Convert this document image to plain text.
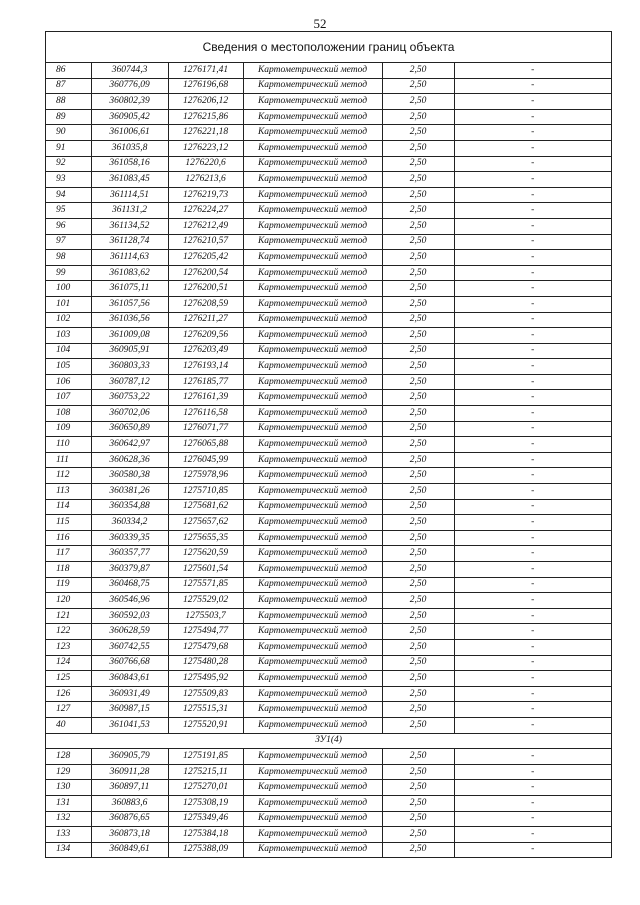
52
Сведения о местоположении границ объекта
86	360744,3	1276171,41	Картометрический метод	2,50	-
87	360776,09	1276196,68	Картометрический метод	2,50	-
88	360802,39	1276206,12	Картометрический метод	2,50	-
89	360905,42	1276215,86	Картометрический метод	2,50	-
90	361006,61	1276221,18	Картометрический метод	2,50	-
91	361035,8	1276223,12	Картометрический метод	2,50	-
92	361058,16	1276220,6	Картометрический метод	2,50	-
93	361083,45	1276213,6	Картометрический метод	2,50	-
94	361114,51	1276219,73	Картометрический метод	2,50	-
95	361131,2	1276224,27	Картометрический метод	2,50	-
96	361134,52	1276212,49	Картометрический метод	2,50	-
97	361128,74	1276210,57	Картометрический метод	2,50	-
98	361114,63	1276205,42	Картометрический метод	2,50	-
99	361083,62	1276200,54	Картометрический метод	2,50	-
100	361075,11	1276200,51	Картометрический метод	2,50	-
101	361057,56	1276208,59	Картометрический метод	2,50	-
102	361036,56	1276211,27	Картометрический метод	2,50	-
103	361009,08	1276209,56	Картометрический метод	2,50	-
104	360905,91	1276203,49	Картометрический метод	2,50	-
105	360803,33	1276193,14	Картометрический метод	2,50	-
106	360787,12	1276185,77	Картометрический метод	2,50	-
107	360753,22	1276161,39	Картометрический метод	2,50	-
108	360702,06	1276116,58	Картометрический метод	2,50	-
109	360650,89	1276071,77	Картометрический метод	2,50	-
110	360642,97	1276065,88	Картометрический метод	2,50	-
111	360628,36	1276045,99	Картометрический метод	2,50	-
112	360580,38	1275978,96	Картометрический метод	2,50	-
113	360381,26	1275710,85	Картометрический метод	2,50	-
114	360354,88	1275681,62	Картометрический метод	2,50	-
115	360334,2	1275657,62	Картометрический метод	2,50	-
116	360339,35	1275655,35	Картометрический метод	2,50	-
117	360357,77	1275620,59	Картометрический метод	2,50	-
118	360379,87	1275601,54	Картометрический метод	2,50	-
119	360468,75	1275571,85	Картометрический метод	2,50	-
120	360546,96	1275529,02	Картометрический метод	2,50	-
121	360592,03	1275503,7	Картометрический метод	2,50	-
122	360628,59	1275494,77	Картометрический метод	2,50	-
123	360742,55	1275479,68	Картометрический метод	2,50	-
124	360766,68	1275480,28	Картометрический метод	2,50	-
125	360843,61	1275495,92	Картометрический метод	2,50	-
126	360931,49	1275509,83	Картометрический метод	2,50	-
127	360987,15	1275515,31	Картометрический метод	2,50	-
40	361041,53	1275520,91	Картометрический метод	2,50	-
ЗУ1(4)					
128	360905,79	1275191,85	Картометрический метод	2,50	-
129	360911,28	1275215,11	Картометрический метод	2,50	-
130	360897,11	1275270,01	Картометрический метод	2,50	-
131	360883,6	1275308,19	Картометрический метод	2,50	-
132	360876,65	1275349,46	Картометрический метод	2,50	-
133	360873,18	1275384,18	Картометрический метод	2,50	-
134	360849,61	1275388,09	Картометрический метод	2,50	-
